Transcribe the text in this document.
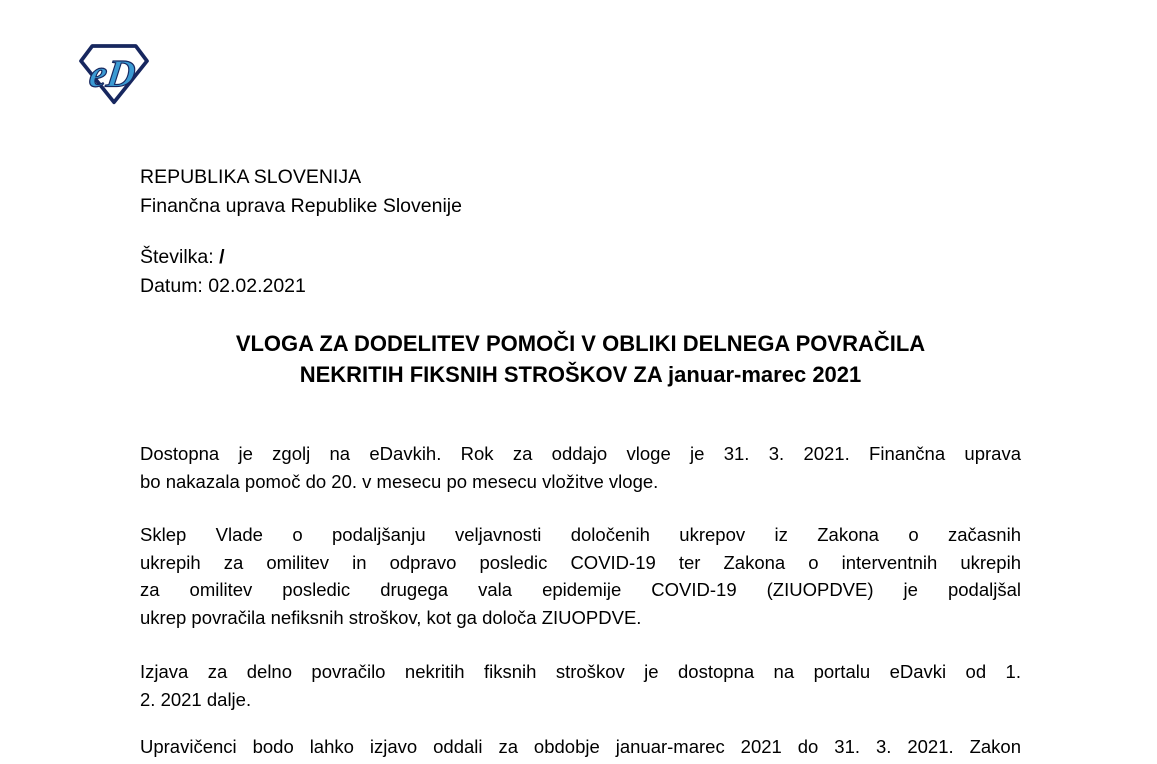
eD
REPUBLIKA SLOVENIJA
Finančna uprava Republike Slovenije
Številka: /
Datum: 02.02.2021
VLOGA ZA DODELITEV POMOČI V OBLIKI DELNEGA POVRAČILA
NEKRITIH FIKSNIH STROŠKOV ZA januar-marec 2021

Dostopna je zgolj na eDavkih. Rok za oddajo vloge je 31. 3. 2021. Finančna uprava
bo nakazala pomoč do 20. v mesecu po mesecu vložitve vloge.

Sklep Vlade o podaljšanju veljavnosti določenih ukrepov iz Zakona o začasnih
ukrepih za omilitev in odpravo posledic COVID-19 ter Zakona o interventnih ukrepih
za omilitev posledic drugega vala epidemije COVID-19 (ZIUOPDVE) je podaljšal
ukrep povračila nefiksnih stroškov, kot ga določa ZIUOPDVE.

Izjava za delno povračilo nekritih fiksnih stroškov je dostopna na portalu eDavki od 1.
2. 2021 dalje.

Upravičenci bodo lahko izjavo oddali za obdobje januar-marec 2021 do 31. 3. 2021. Zakon
